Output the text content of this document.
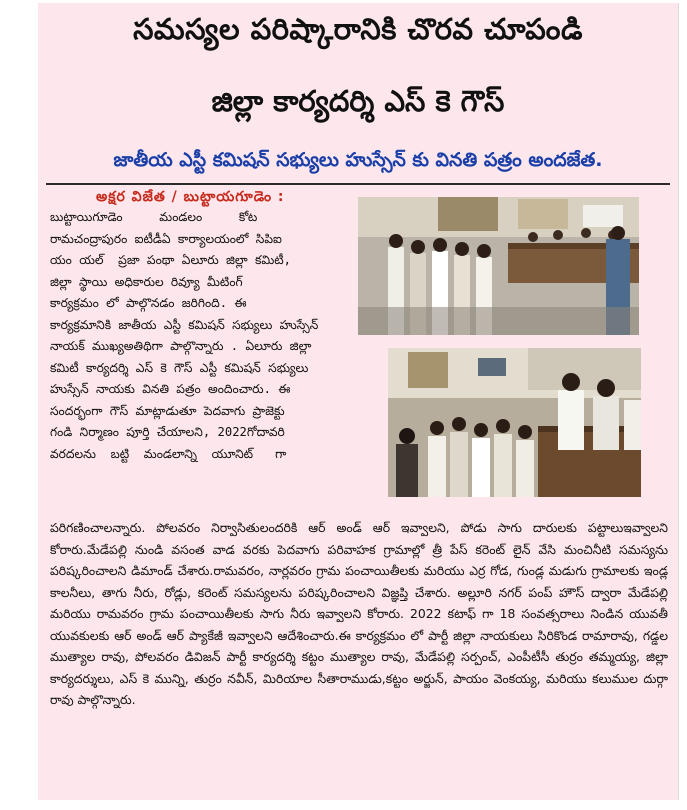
సమస్యల పరిష్కారానికి చొరవ చూపండి
జిల్లా కార్యదర్శి ఎస్ కె గౌస్
జాతీయ ఎస్టీ కమిషన్ సభ్యులు హుస్సేన్ కు వినతి పత్రం అందజేత.
అక్షర విజేత / బుట్టాయగూడెం :
బుట్టాయిగూడెం     మండలం     కోట
రామచంద్రాపురం ఐటీడీఏ కార్యాలయంలో సిపిఐ
యం యల్  ప్రజా పంథా ఏలూరు జిల్లా కమిటీ,
జిల్లా స్థాయి అధికారుల రివ్యూ మీటింగ్
కార్యక్రమం లో పాల్గొనడం జరిగింది. ఈ
కార్యక్రమానికి జాతీయ ఎస్టీ కమిషన్ సభ్యులు హుస్సేన్
నాయక్ ముఖ్యఅతిథిగా పాల్గొన్నారు . ఏలూరు జిల్లా
కమిటీ కార్యదర్శి ఎస్ కె గౌస్ ఎస్టీ కమిషన్ సభ్యులు
హుస్సేన్ నాయకు వినతి పత్రం అందించారు. ఈ
సందర్భంగా గౌస్ మాట్లాడుతూ పెదవాగు ప్రాజెక్టు
గండి నిర్మాణం పూర్తి చేయాలని, 2022గోదావరి
వరదలను  బట్టి  మండలాన్ని  యూనిట్   గా
పరిగణించాలన్నారు. పోలవరం నిర్వాసితులందరికి ఆర్ అండ్ ఆర్ ఇవ్వాలని, పోడు సాగు దారులకు పట్టాలుఇవ్వాలని కోరారు.మేడేపల్లి నుండి వసంత వాడ వరకు పెదవాగు పరివాహక గ్రామాల్లో త్రీ పేస్ కరెంట్ లైన్ వేసి మంచినీటి సమస్యను పరిష్కరించాలని డిమాండ్ చేశారు.రామవరం, నార్లవరం గ్రామ పంచాయితీలకు మరియు ఎర్ర గోడ, గుండ్ల మడుగు గ్రామాలకు ఇండ్ల కాలనీలు, తాగు నీరు, రోడ్లు, కరెంట్ సమస్యలను పరిష్కరించాలని విజ్ఞప్తి చేశారు. అల్లూరి నగర్ పంప్ హౌస్ ద్వారా మేడేపల్లి మరియు రామవరం గ్రామ పంచాయితీలకు సాగు నీరు ఇవ్వాలని కోరారు. 2022 కటాఫ్ గా 18 సంవత్సరాలు నిండిన యువతీ యువకులకు ఆర్ అండ్ ఆర్ ప్యాకేజీ ఇవ్వాలని ఆదేశించారు.ఈ కార్యక్రమం లో పార్టీ జిల్లా నాయకులు సిరికొండ రామారావు, గడ్డల ముత్యాల రావు, పోలవరం డివిజన్ పార్టీ కార్యదర్శి కట్టం ముత్యాల రావు, మేడేపల్లి సర్పంచ్, ఎంపీటీసీ తుర్రం తమ్మయ్య, జిల్లా కార్యదర్శులు, ఎస్ కె మున్ని, తుర్రం నవీన్, మిరియాల సీతారాముడు,కట్టం అర్జున్, పాయం వెంకయ్య, మరియు కలుముల దుర్గా రావు పాల్గొన్నారు.
